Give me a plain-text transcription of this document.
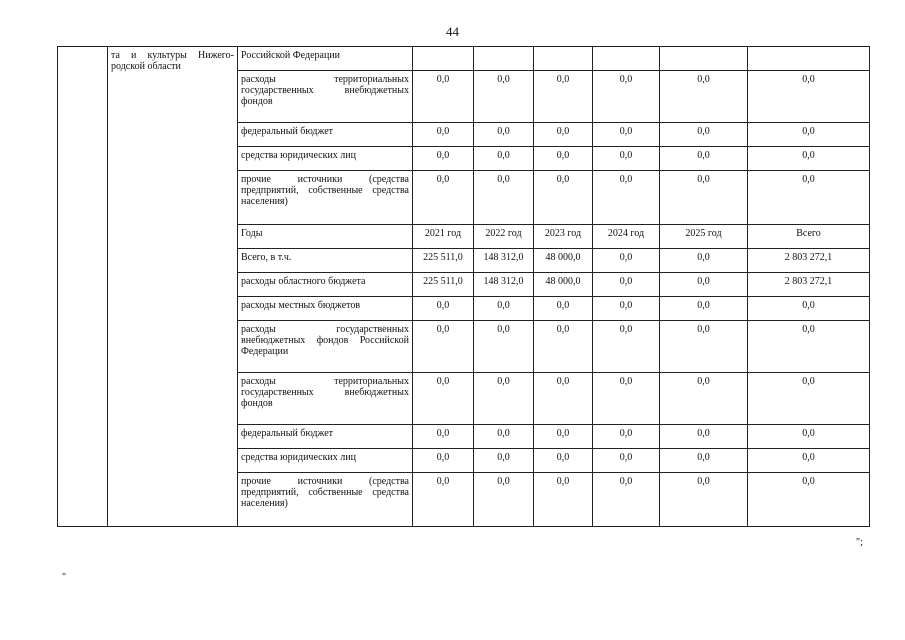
44
	та и культуры Нижего-родской области	Российской Федерации						
		расходы территориальных государственных внебюджетных фондов	0,0	0,0	0,0	0,0	0,0	0,0
		федеральный бюджет	0,0	0,0	0,0	0,0	0,0	0,0
		средства юридических лиц	0,0	0,0	0,0	0,0	0,0	0,0
		прочие источники (средства предприятий, собственные средства населения)	0,0	0,0	0,0	0,0	0,0	0,0
		Годы	2021 год	2022 год	2023 год	2024 год	2025 год	Всего
		Всего, в т.ч.	225 511,0	148 312,0	48 000,0	0,0	0,0	2 803 272,1
		расходы областного бюджета	225 511,0	148 312,0	48 000,0	0,0	0,0	2 803 272,1
		расходы местных бюджетов	0,0	0,0	0,0	0,0	0,0	0,0
		расходы государственных внебюджетных фондов Российской Федерации	0,0	0,0	0,0	0,0	0,0	0,0
		расходы территориальных государственных внебюджетных фондов	0,0	0,0	0,0	0,0	0,0	0,0
		федеральный бюджет	0,0	0,0	0,0	0,0	0,0	0,0
		средства юридических лиц	0,0	0,0	0,0	0,0	0,0	0,0
		прочие источники (средства предприятий, собственные средства населения)	0,0	0,0	0,0	0,0	0,0	0,0
";
"
